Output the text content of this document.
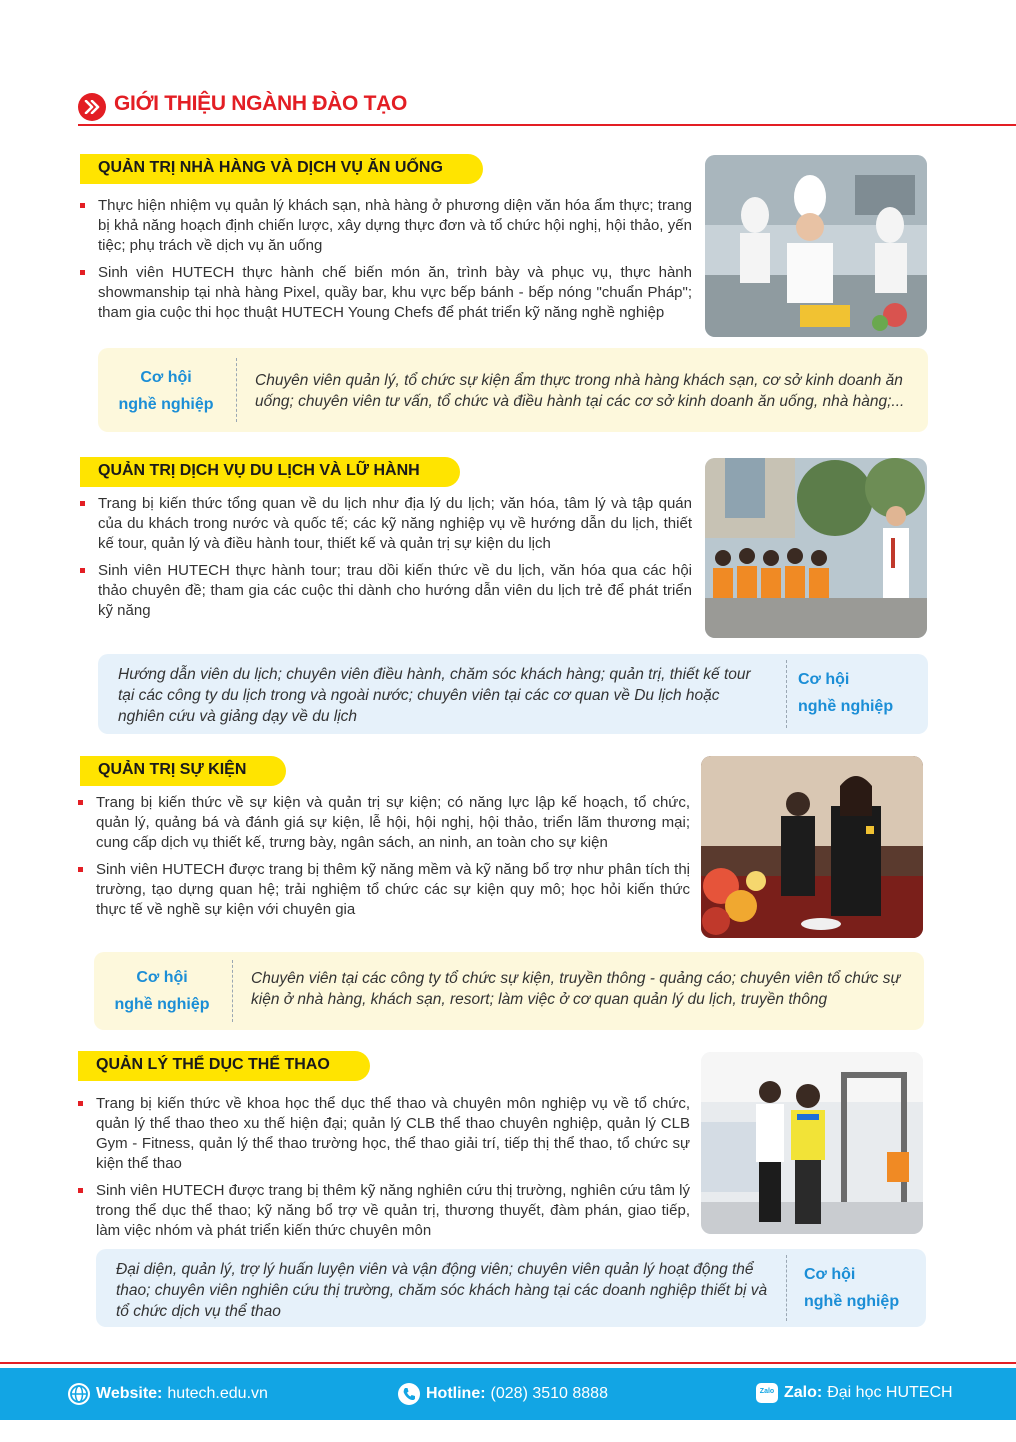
GIỚI THIỆU NGÀNH ĐÀO TẠO
QUẢN TRỊ NHÀ HÀNG VÀ DỊCH VỤ ĂN UỐNG
Thực hiện nhiệm vụ quản lý khách sạn, nhà hàng ở phương diện văn hóa ẩm thực; trang bị khả năng hoạch định chiến lược, xây dựng thực đơn và tổ chức hội nghị, hội thảo, yến tiệc; phụ trách về dịch vụ ăn uống
Sinh viên HUTECH thực hành chế biến món ăn, trình bày và phục vụ, thực hành showmanship tại nhà hàng Pixel, quầy bar, khu vực bếp bánh - bếp nóng "chuẩn Pháp"; tham gia cuộc thi học thuật HUTECH Young Chefs để phát triển kỹ năng nghề nghiệp
Cơ hội
nghề nghiệp
Chuyên viên quản lý, tổ chức sự kiện ẩm thực trong nhà hàng khách sạn, cơ sở kinh doanh ăn uống; chuyên viên tư vấn, tổ chức và điều hành tại các cơ sở kinh doanh ăn uống, nhà hàng;...
QUẢN TRỊ DỊCH VỤ DU LỊCH VÀ LỮ HÀNH
Trang bị kiến thức tổng quan về du lịch như địa lý du lịch; văn hóa, tâm lý và tập quán của du khách trong nước và quốc tế; các kỹ năng nghiệp vụ về hướng dẫn du lịch, thiết kế tour, quản lý và điều hành tour, thiết kế và quản trị sự kiện du lịch
Sinh viên HUTECH thực hành tour; trau dồi kiến thức về du lịch, văn hóa qua các hội thảo chuyên đề; tham gia các cuộc thi dành cho hướng dẫn viên du lịch trẻ để phát triển kỹ năng
Hướng dẫn viên du lịch; chuyên viên điều hành, chăm sóc khách hàng; quản trị, thiết kế tour tại các công ty du lịch trong và ngoài nước; chuyên viên tại các cơ quan về Du lịch hoặc nghiên cứu và giảng dạy về du lịch
Cơ hội
nghề nghiệp
QUẢN TRỊ SỰ KIỆN
Trang bị kiến thức về sự kiện và quản trị sự kiện; có năng lực lập kế hoạch, tổ chức, quản lý, quảng bá và đánh giá sự kiện, lễ hội, hội nghị, hội thảo, triển lãm thương mại; cung cấp dịch vụ thiết kế, trưng bày, ngân sách, an ninh, an toàn cho sự kiện
Sinh viên HUTECH được trang bị thêm kỹ năng mềm và kỹ năng bổ trợ như phân tích thị trường, tạo dựng quan hệ; trải nghiệm tổ chức các sự kiện quy mô; học hỏi kiến thức thực tế về nghề sự kiện với chuyên gia
Cơ hội
nghề nghiệp
Chuyên viên tại các công ty tổ chức sự kiện, truyền thông - quảng cáo; chuyên viên tổ chức sự kiện ở nhà hàng, khách sạn, resort; làm việc ở cơ quan quản lý du lịch, truyền thông
QUẢN LÝ THỂ DỤC THỂ THAO
Trang bị kiến thức về khoa học thể dục thể thao và chuyên môn nghiệp vụ về tổ chức, quản lý thể thao theo xu thế hiện đại; quản lý CLB thể thao chuyên nghiệp, quản lý CLB Gym - Fitness, quản lý thể thao trường học, thể thao giải trí, tiếp thị thể thao, tổ chức sự kiện thể thao
Sinh viên HUTECH được trang bị thêm kỹ năng nghiên cứu thị trường, nghiên cứu tâm lý trong thể dục thể thao; kỹ năng bổ trợ về quản trị, thương thuyết, đàm phán, giao tiếp, làm việc nhóm và phát triển kiến thức chuyên môn
Đại diện, quản lý, trợ lý huấn luyện viên và vận động viên; chuyên viên quản lý hoạt động thể thao; chuyên viên nghiên cứu thị trường, chăm sóc khách hàng tại các doanh nghiệp thiết bị và tổ chức dịch vụ thể thao
Cơ hội
nghề nghiệp
Website: hutech.edu.vn	Hotline: (028) 3510 8888	Zalo Zalo: Đại học HUTECH
